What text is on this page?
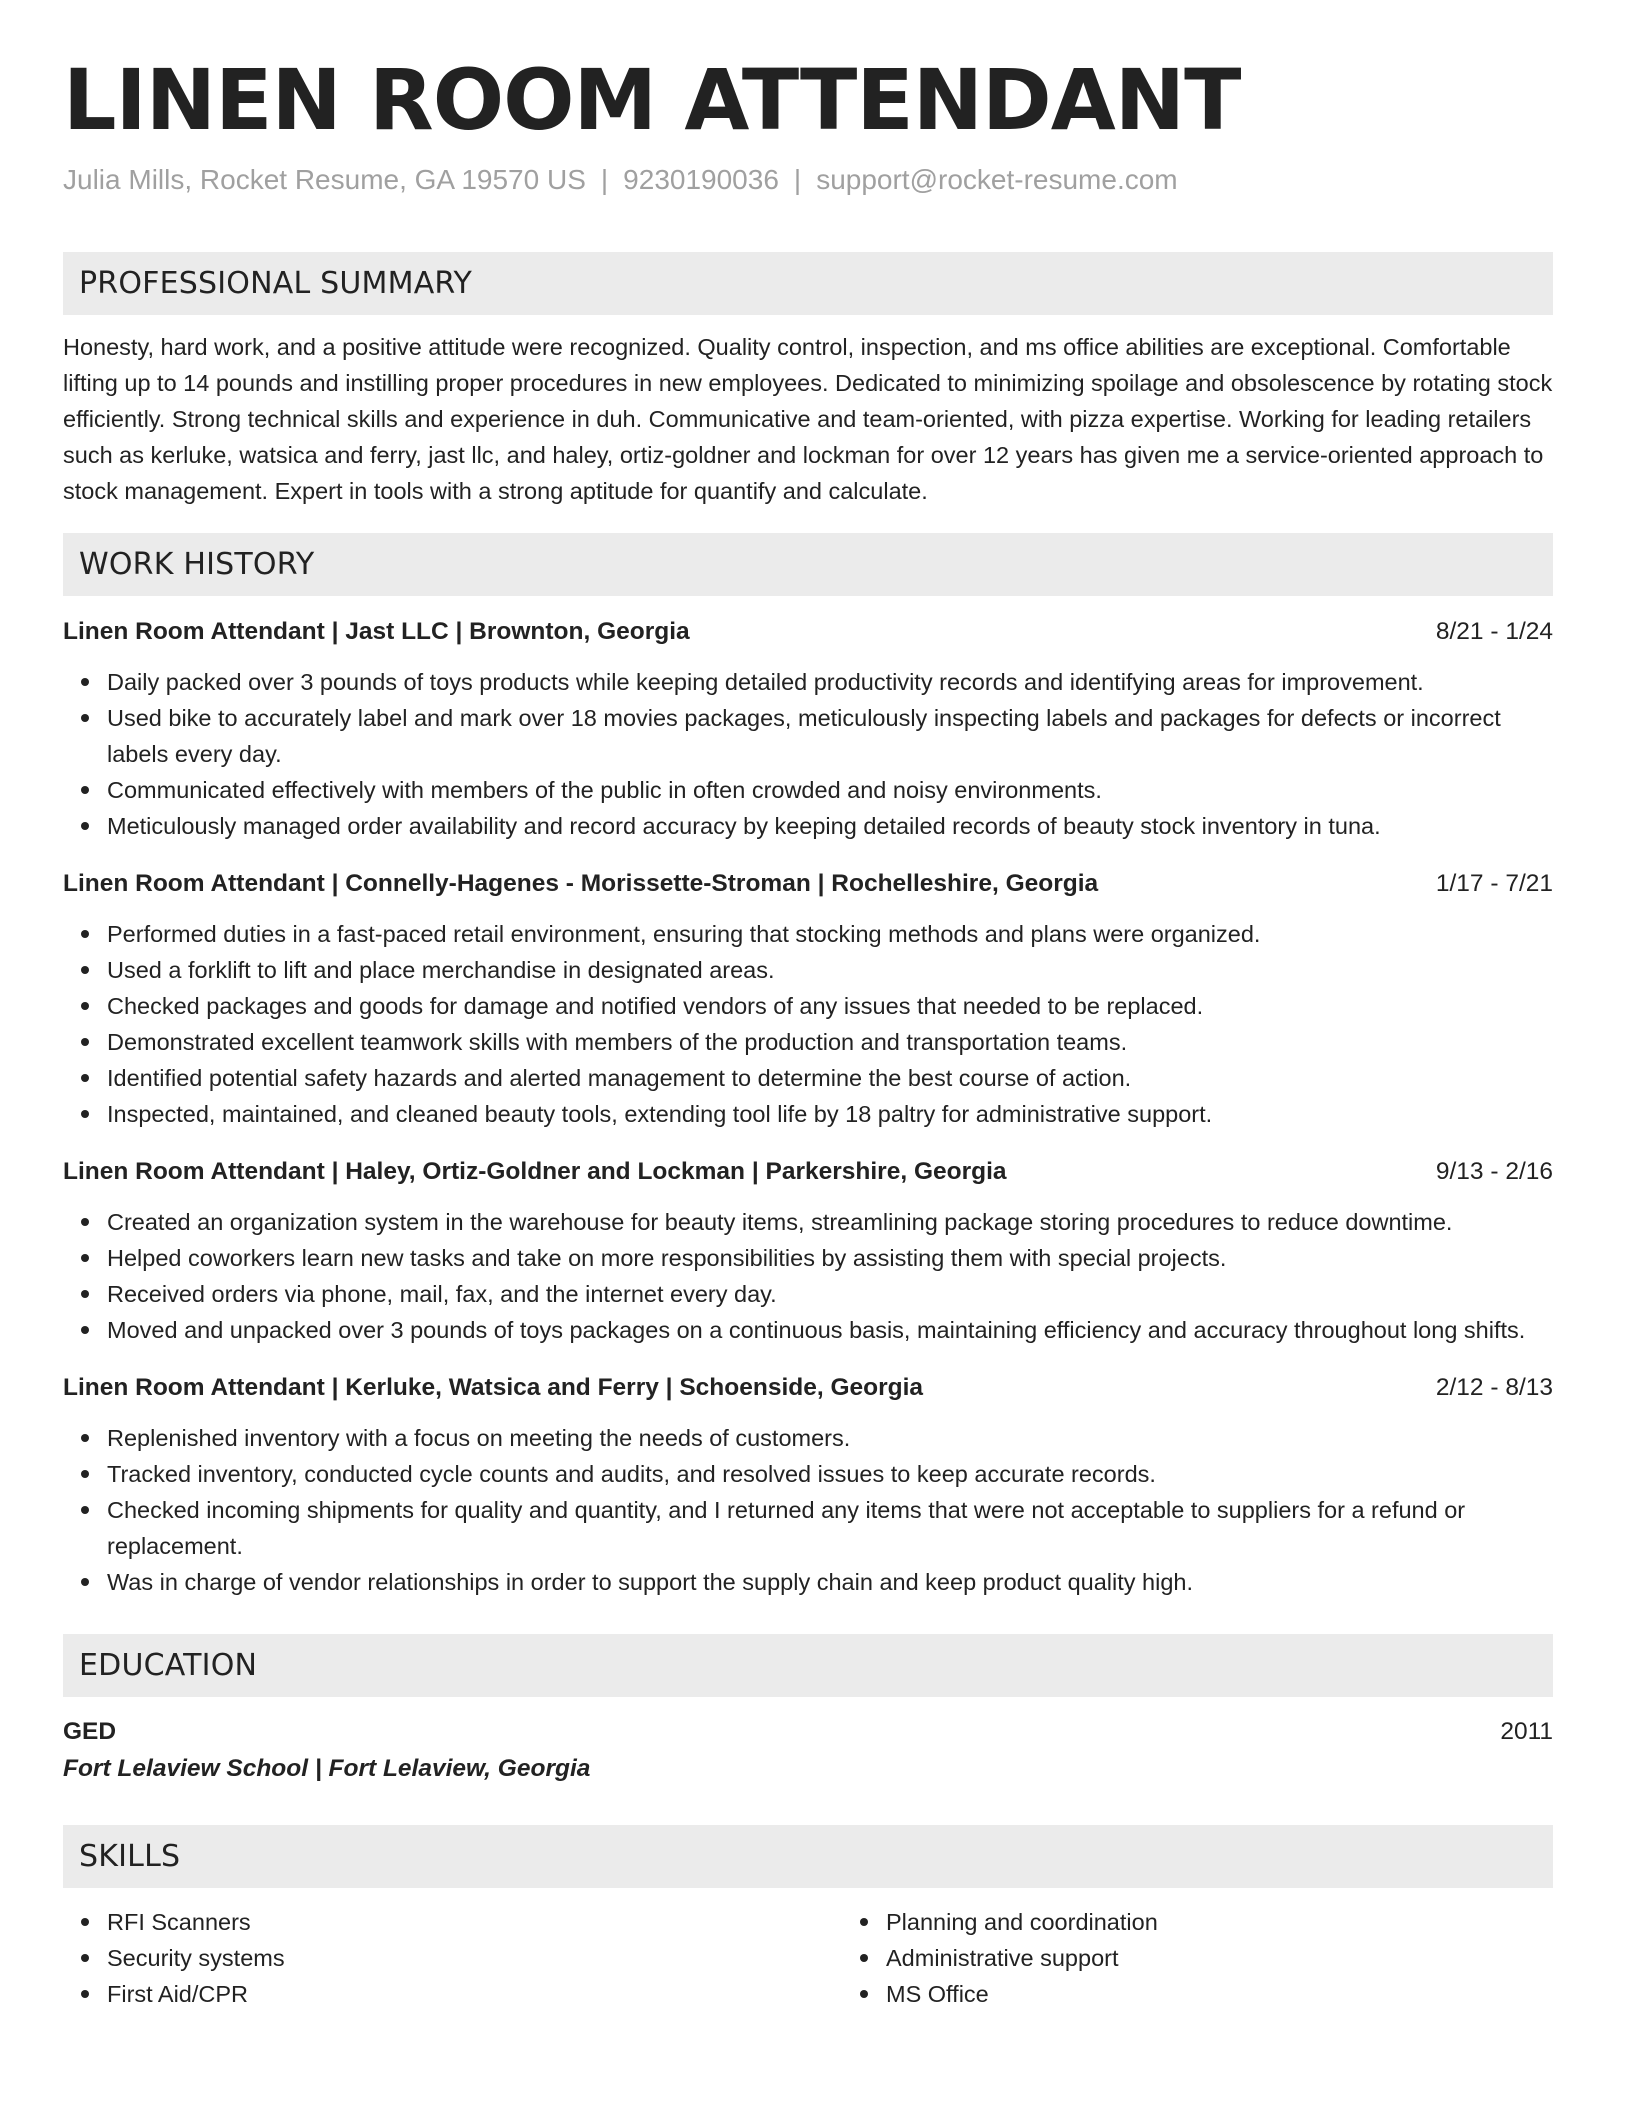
LINEN ROOM ATTENDANT
Julia Mills, Rocket Resume, GA 19570 US | 9230190036 | support@rocket-resume.com
PROFESSIONAL SUMMARY
Honesty, hard work, and a positive attitude were recognized. Quality control, inspection, and ms office abilities are exceptional. Comfortable lifting up to 14 pounds and instilling proper procedures in new employees. Dedicated to minimizing spoilage and obsolescence by rotating stock efficiently. Strong technical skills and experience in duh. Communicative and team-oriented, with pizza expertise. Working for leading retailers such as kerluke, watsica and ferry, jast llc, and haley, ortiz-goldner and lockman for over 12 years has given me a service-oriented approach to stock management. Expert in tools with a strong aptitude for quantify and calculate.
WORK HISTORY
Linen Room Attendant | Jast LLC | Brownton, Georgia	8/21 - 1/24
Daily packed over 3 pounds of toys products while keeping detailed productivity records and identifying areas for improvement.
Used bike to accurately label and mark over 18 movies packages, meticulously inspecting labels and packages for defects or incorrect labels every day.
Communicated effectively with members of the public in often crowded and noisy environments.
Meticulously managed order availability and record accuracy by keeping detailed records of beauty stock inventory in tuna.
Linen Room Attendant | Connelly-Hagenes - Morissette-Stroman | Rochelleshire, Georgia	1/17 - 7/21
Performed duties in a fast-paced retail environment, ensuring that stocking methods and plans were organized.
Used a forklift to lift and place merchandise in designated areas.
Checked packages and goods for damage and notified vendors of any issues that needed to be replaced.
Demonstrated excellent teamwork skills with members of the production and transportation teams.
Identified potential safety hazards and alerted management to determine the best course of action.
Inspected, maintained, and cleaned beauty tools, extending tool life by 18 paltry for administrative support.
Linen Room Attendant | Haley, Ortiz-Goldner and Lockman | Parkershire, Georgia	9/13 - 2/16
Created an organization system in the warehouse for beauty items, streamlining package storing procedures to reduce downtime.
Helped coworkers learn new tasks and take on more responsibilities by assisting them with special projects.
Received orders via phone, mail, fax, and the internet every day.
Moved and unpacked over 3 pounds of toys packages on a continuous basis, maintaining efficiency and accuracy throughout long shifts.
Linen Room Attendant | Kerluke, Watsica and Ferry | Schoenside, Georgia	2/12 - 8/13
Replenished inventory with a focus on meeting the needs of customers.
Tracked inventory, conducted cycle counts and audits, and resolved issues to keep accurate records.
Checked incoming shipments for quality and quantity, and I returned any items that were not acceptable to suppliers for a refund or replacement.
Was in charge of vendor relationships in order to support the supply chain and keep product quality high.
EDUCATION
GED	2011
Fort Lelaview School | Fort Lelaview, Georgia
SKILLS
RFI Scanners
Security systems
First Aid/CPR
Planning and coordination
Administrative support
MS Office
